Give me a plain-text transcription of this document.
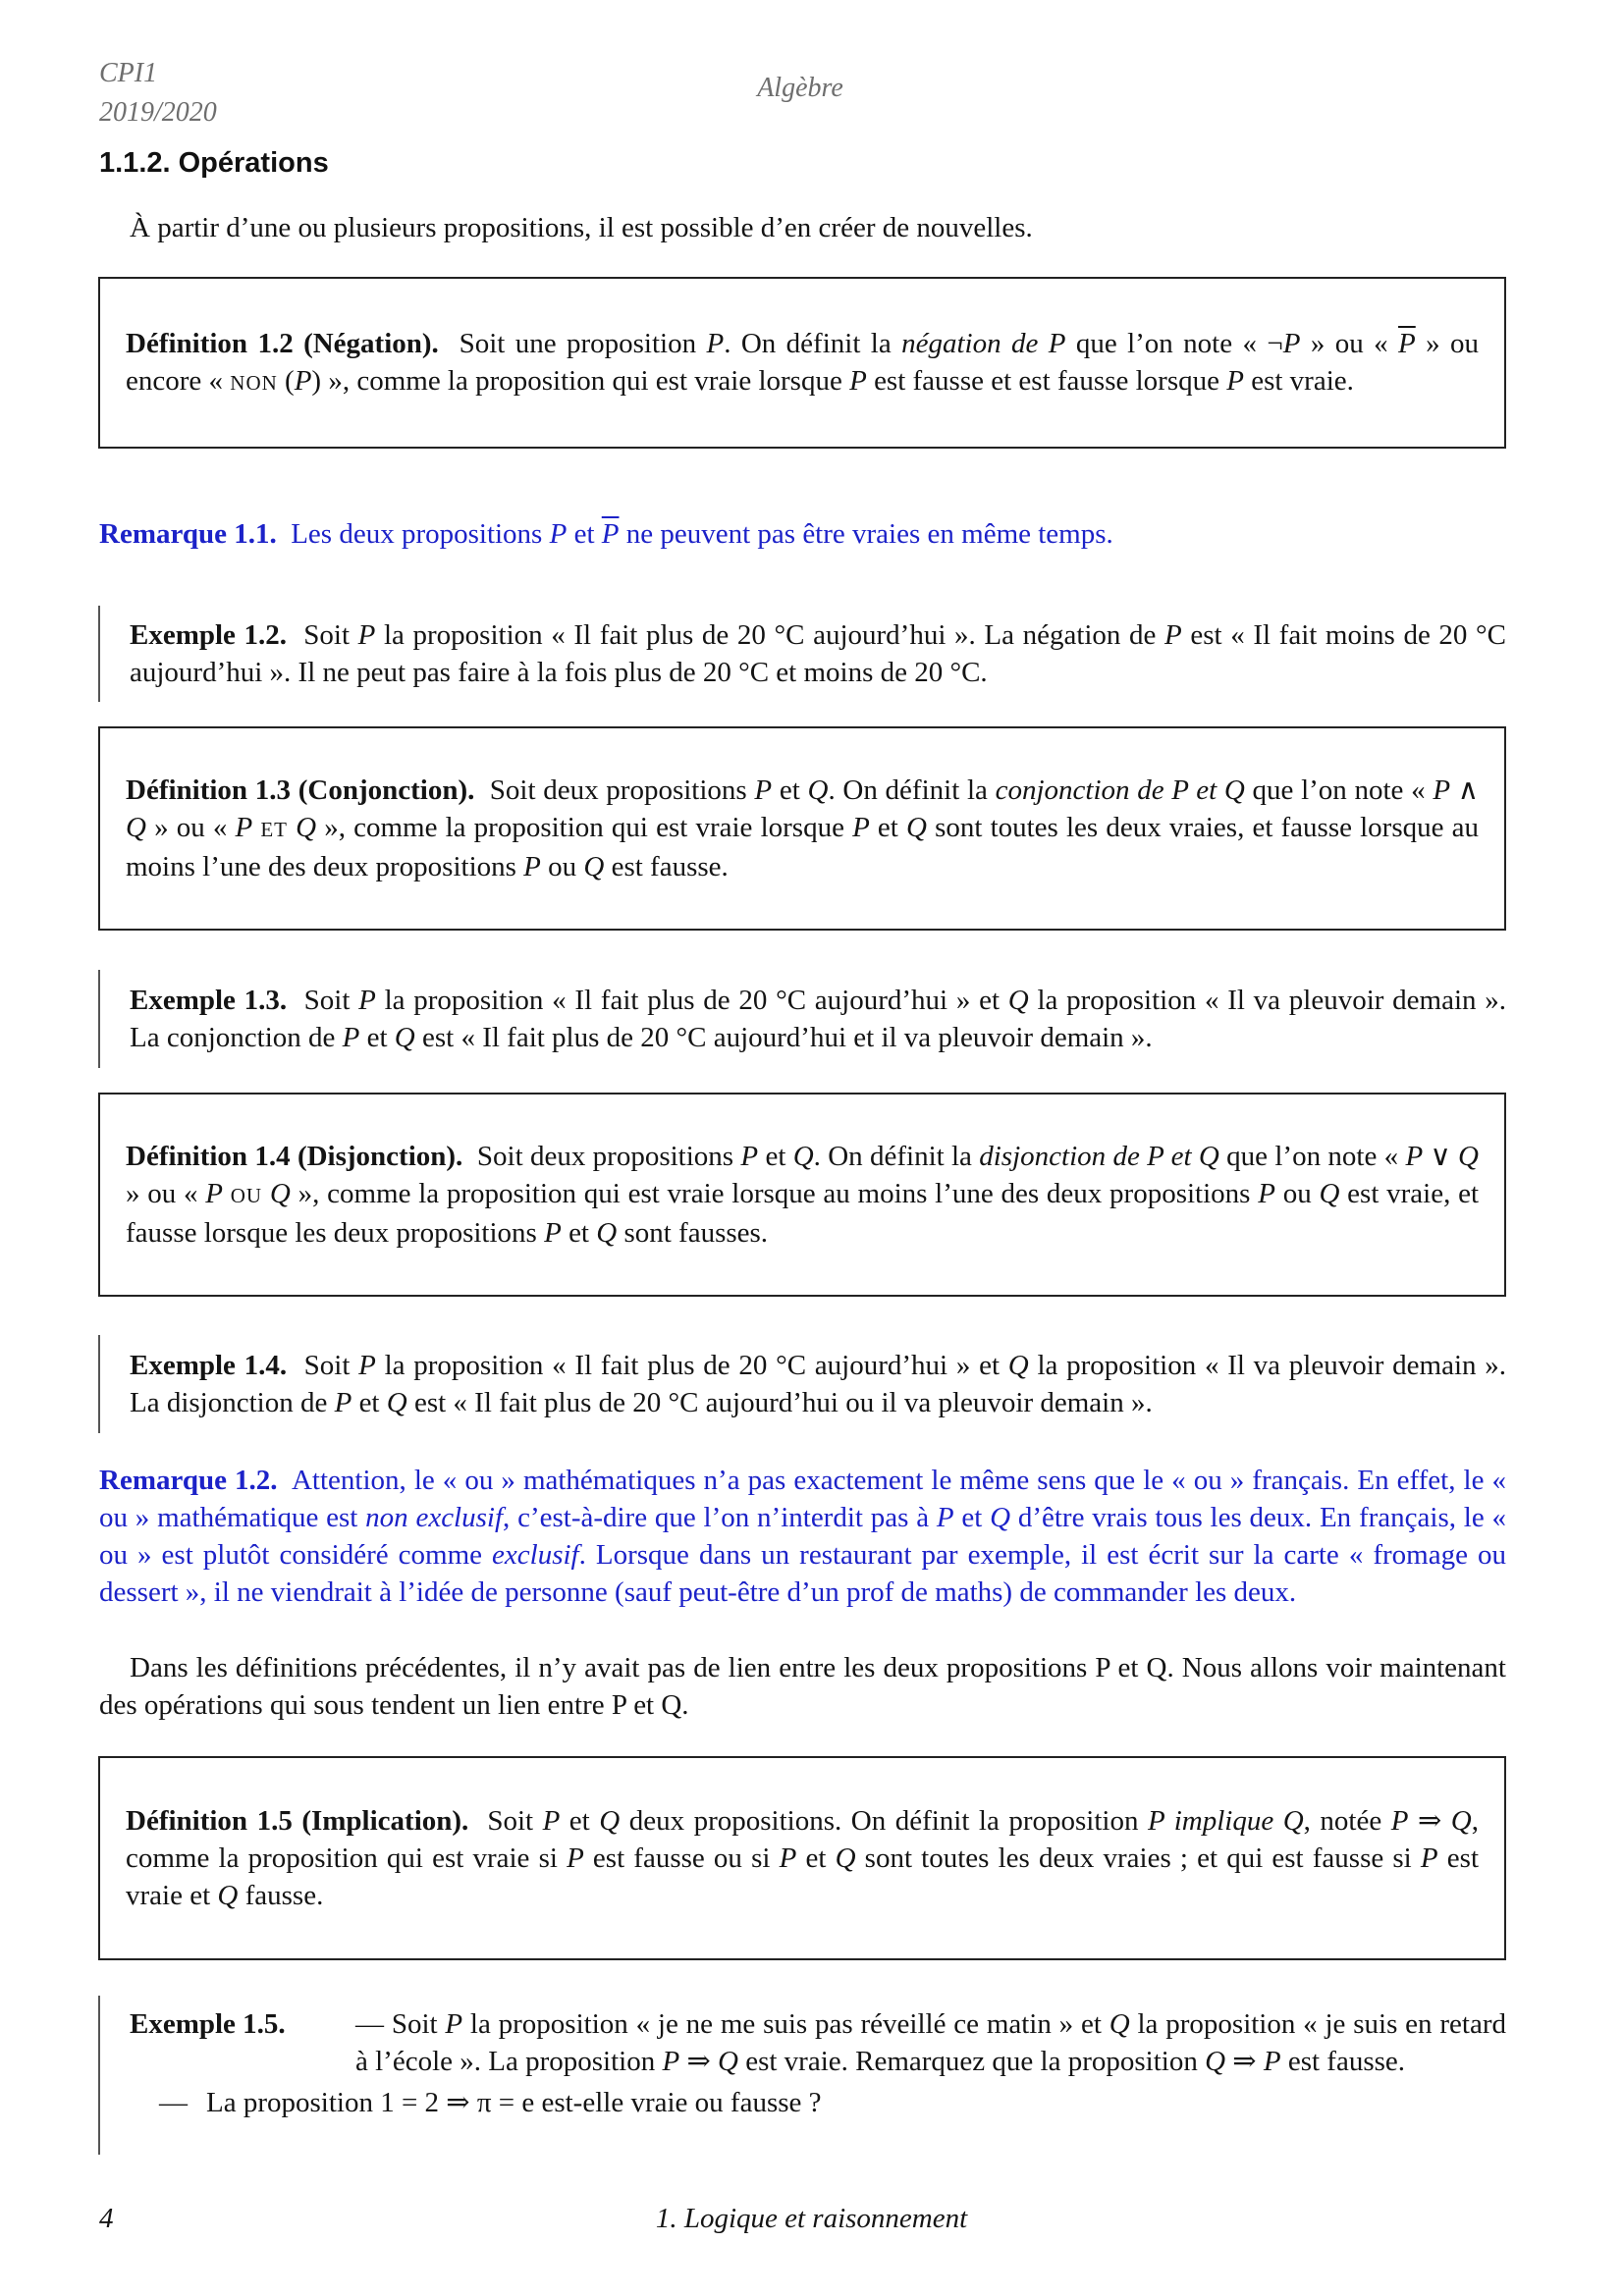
CPI1
2019/2020
Algèbre
1.1.2. Opérations
À partir d’une ou plusieurs propositions, il est possible d’en créer de nouvelles.
Définition 1.2 (Négation).  Soit une proposition P. On définit la négation de P que l’on note « ¬P » ou « $\overline{P}$ » ou encore « NON (P) », comme la proposition qui est vraie lorsque P est fausse et est fausse lorsque P est vraie.
Remarque 1.1.  Les deux propositions P et $\overline{P}$ ne peuvent pas être vraies en même temps.
Exemple 1.2.  Soit P la proposition « Il fait plus de 20 °C aujourd’hui ». La négation de P est « Il fait moins de 20 °C aujourd’hui ». Il ne peut pas faire à la fois plus de 20 °C et moins de 20 °C.
Définition 1.3 (Conjonction).  Soit deux propositions P et Q. On définit la conjonction de P et Q que l’on note « P ∧ Q » ou « P ET Q », comme la proposition qui est vraie lorsque P et Q sont toutes les deux vraies, et fausse lorsque au moins l’une des deux propositions P ou Q est fausse.
Exemple 1.3.  Soit P la proposition « Il fait plus de 20 °C aujourd’hui » et Q la proposition « Il va pleuvoir demain ». La conjonction de P et Q est « Il fait plus de 20 °C aujourd’hui et il va pleuvoir demain ».
Définition 1.4 (Disjonction).  Soit deux propositions P et Q. On définit la disjonction de P et Q que l’on note « P ∨ Q » ou « P OU Q », comme la proposition qui est vraie lorsque au moins l’une des deux propositions P ou Q est vraie, et fausse lorsque les deux propositions P et Q sont fausses.
Exemple 1.4.  Soit P la proposition « Il fait plus de 20 °C aujourd’hui » et Q la proposition « Il va pleuvoir demain ». La disjonction de P et Q est « Il fait plus de 20 °C aujourd’hui ou il va pleuvoir demain ».
Remarque 1.2.  Attention, le « ou » mathématiques n’a pas exactement le même sens que le « ou » français. En effet, le « ou » mathématique est non exclusif, c’est-à-dire que l’on n’interdit pas à P et Q d’être vrais tous les deux. En français, le « ou » est plutôt considéré comme exclusif. Lorsque dans un restaurant par exemple, il est écrit sur la carte « fromage ou dessert », il ne viendrait à l’idée de personne (sauf peut-être d’un prof de maths) de commander les deux.
Dans les définitions précédentes, il n’y avait pas de lien entre les deux propositions P et Q. Nous allons voir maintenant des opérations qui sous tendent un lien entre P et Q.
Définition 1.5 (Implication).  Soit P et Q deux propositions. On définit la proposition P implique Q, notée P ⇒ Q, comme la proposition qui est vraie si P est fausse ou si P et Q sont toutes les deux vraies ; et qui est fausse si P est vraie et Q fausse.
Exemple 1.5.	— Soit P la proposition « je ne me suis pas réveillé ce matin » et Q la proposition « je suis en retard à l’école ». La proposition P ⇒ Q est vraie. Remarquez que la proposition Q ⇒ P est fausse.
— La proposition 1 = 2 ⇒ π = e est-elle vraie ou fausse ?
4	1. Logique et raisonnement
